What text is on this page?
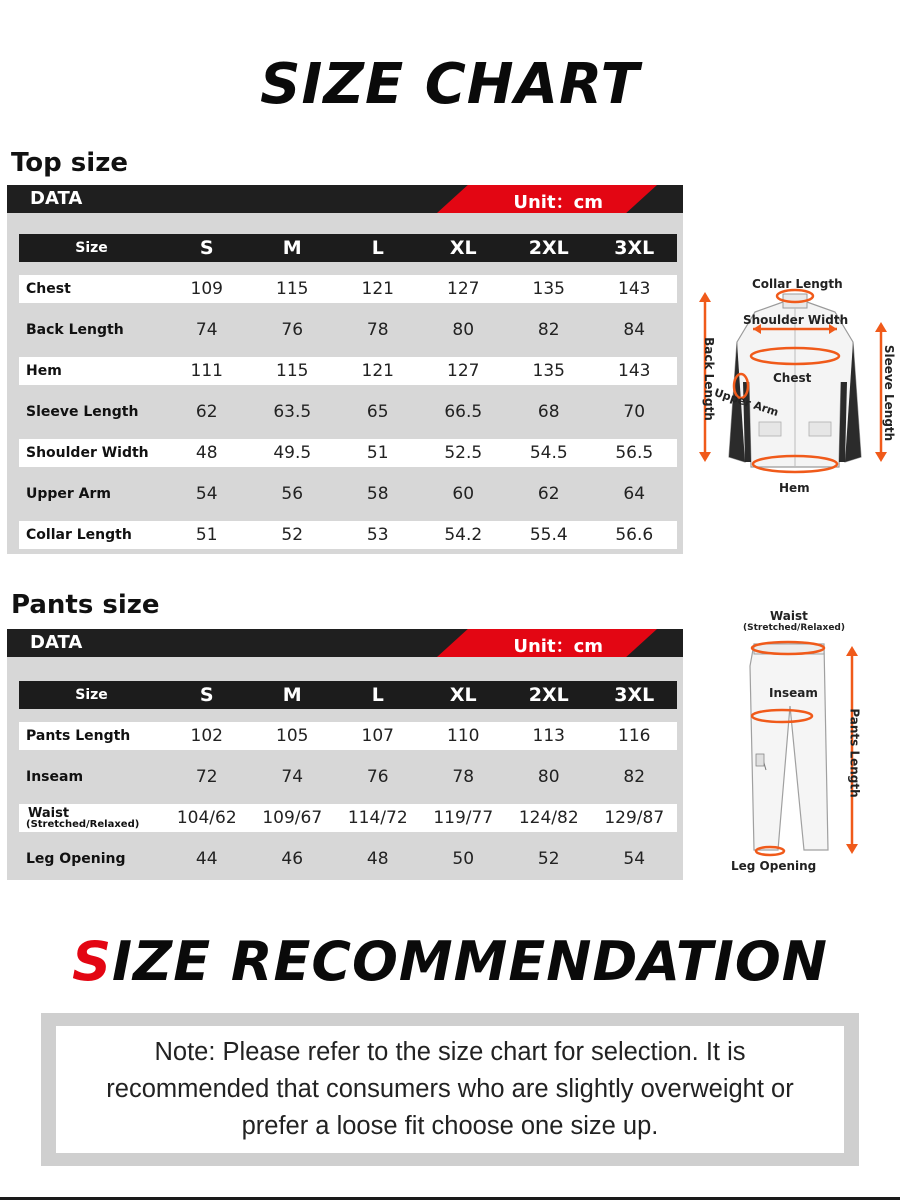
SIZE CHART
Top size
DATA	Unit：cm
Size	S	M	L	XL	2XL	3XL
Chest	109	115	121	127	135	143
Back Length	74	76	78	80	82	84
Hem	111	115	121	127	135	143
Sleeve Length	62	63.5	65	66.5	68	70
Shoulder Width	48	49.5	51	52.5	54.5	56.5
Upper Arm	54	56	58	60	62	64
Collar Length	51	52	53	54.2	55.4	56.6
Collar Length
Shoulder Width
Chest
Upper Arm
Hem
Back Length	Sleeve Length
Pants size
DATA	Unit：cm
Size	S	M	L	XL	2XL	3XL
Pants Length	102	105	107	110	113	116
Inseam	72	74	76	78	80	82
Waist
(Stretched/Relaxed)	104/62	109/67	114/72	119/77	124/82	129/87
Leg Opening	44	46	48	50	52	54
Waist
(Stretched/Relaxed)
Inseam
Leg Opening
Pants Length
SIZE RECOMMENDATION
Note: Please refer to the size chart for selection. It is recommended that consumers who are slightly overweight or prefer a loose fit choose one size up.
